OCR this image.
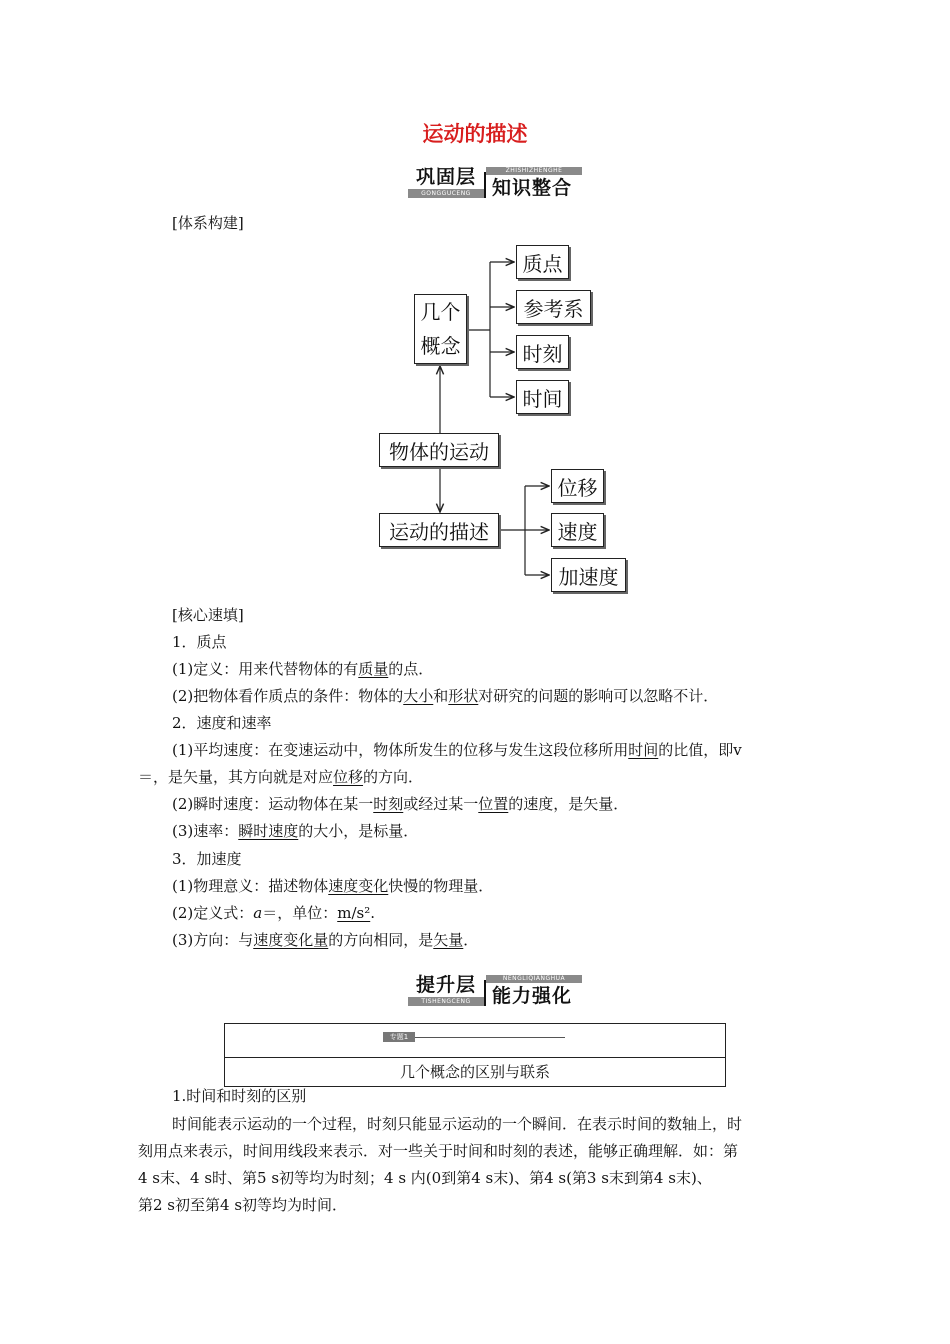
运动的描述
巩固层
GONGGUCENG
ZHISHIZHENGHE
知识整合
[体系构建]
几个
概念
质点
参考系
时刻
时间
物体的运动
运动的描述
位移
速度
加速度
[核心速填]
1．质点
(1)定义：用来代替物体的有质量的点．
(2)把物体看作质点的条件：物体的大小和形状对研究的问题的影响可以忽略不计．
2．速度和速率
(1)平均速度：在变速运动中，物体所发生的位移与发生这段位移所用时间的比值，即v
＝，是矢量，其方向就是对应位移的方向．
(2)瞬时速度：运动物体在某一时刻或经过某一位置的速度，是矢量．
(3)速率：瞬时速度的大小，是标量．
3．加速度
(1)物理意义：描述物体速度变化快慢的物理量．
(2)定义式：a＝，单位：m/s².
(3)方向：与速度变化量的方向相同，是矢量．
提升层
TISHENGCENG
NENGLIQIANGHUA
能力强化
专题1
几个概念的区别与联系
1.时间和时刻的区别
时间能表示运动的一个过程，时刻只能显示运动的一个瞬间．在表示时间的数轴上，时
刻用点来表示，时间用线段来表示．对一些关于时间和时刻的表述，能够正确理解．如：第
4 s末、4 s时、第5 s初等均为时刻；4 s 内(0到第4 s末)、第4 s(第3 s末到第4 s末)、
第2 s初至第4 s初等均为时间．
